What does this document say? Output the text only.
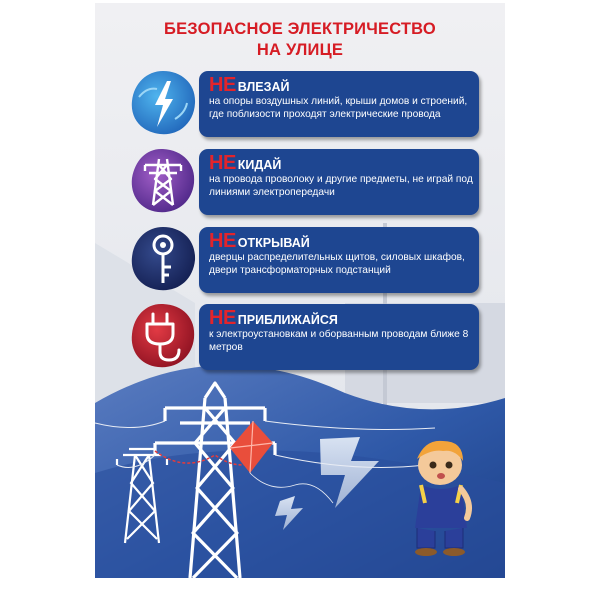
БЕЗОПАСНОЕ ЭЛЕКТРИЧЕСТВО
НА УЛИЦЕ
НЕ ВЛЕЗАЙ
на опоры воздушных линий, крыши домов и строений, где поблизости проходят электрические провода
НЕ КИДАЙ
на провода проволоку и другие предметы, не играй под линиями электропередачи
НЕ ОТКРЫВАЙ
дверцы распределительных щитов, силовых шкафов, двери трансформаторных подстанций
НЕ ПРИБЛИЖАЙСЯ
к электроустановкам и оборванным проводам ближе 8 метров
